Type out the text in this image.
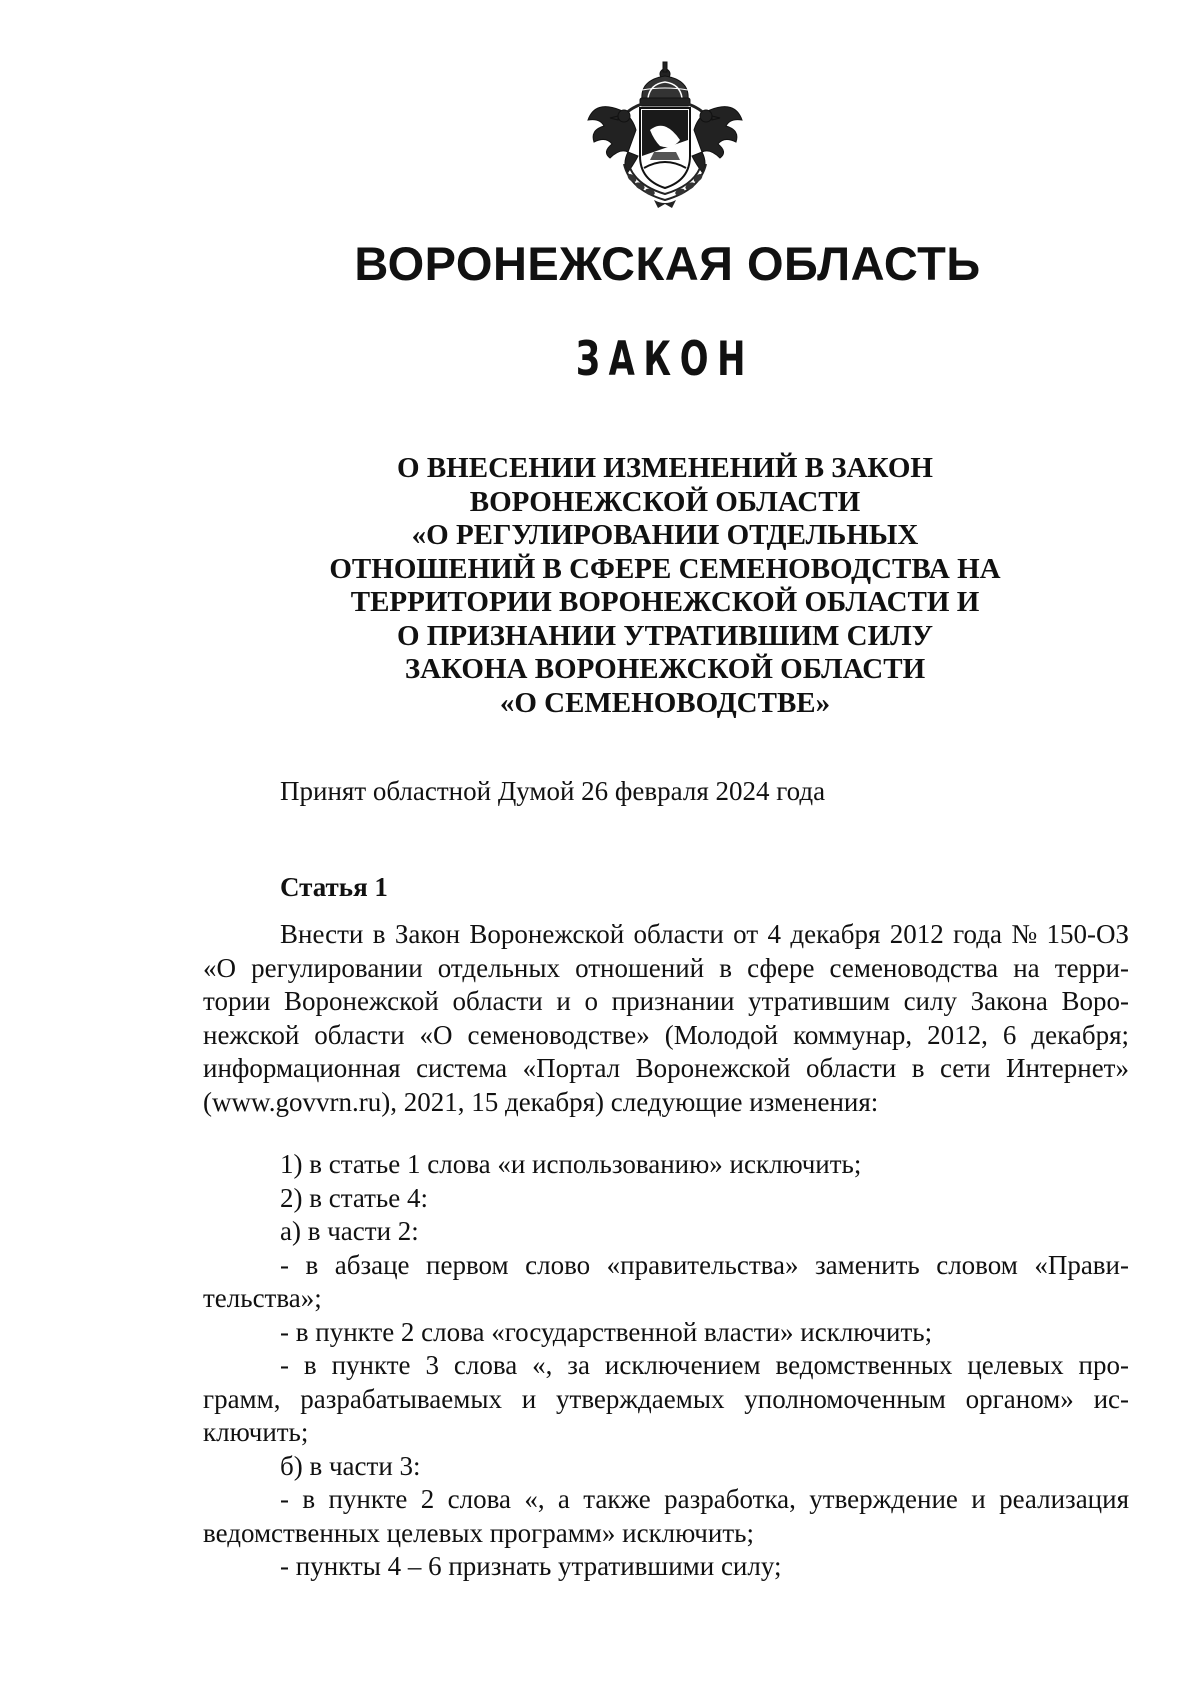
ВОРОНЕЖСКАЯ ОБЛАСТЬ
ЗАКОН
О ВНЕСЕНИИ ИЗМЕНЕНИЙ В ЗАКОН
ВОРОНЕЖСКОЙ ОБЛАСТИ
«О РЕГУЛИРОВАНИИ ОТДЕЛЬНЫХ
ОТНОШЕНИЙ В СФЕРЕ СЕМЕНОВОДСТВА НА
ТЕРРИТОРИИ ВОРОНЕЖСКОЙ ОБЛАСТИ И
О ПРИЗНАНИИ УТРАТИВШИМ СИЛУ
ЗАКОНА ВОРОНЕЖСКОЙ ОБЛАСТИ
«О СЕМЕНОВОДСТВЕ»
Принят областной Думой 26 февраля 2024 года
Статья 1
Внести в Закон Воронежской области от 4 декабря 2012 года № 150-ОЗ
«О регулировании отдельных отношений в сфере семеноводства на терри-
тории Воронежской области и о признании утратившим силу Закона Воро-
нежской области «О семеноводстве» (Молодой коммунар, 2012, 6 декабря;
информационная система «Портал Воронежской области в сети Интернет»
(www.govvrn.ru), 2021, 15 декабря) следующие изменения:
1) в статье 1 слова «и использованию» исключить;
2) в статье 4:
а) в части 2:
- в абзаце первом слово «правительства» заменить словом «Прави-
тельства»;
- в пункте 2 слова «государственной власти» исключить;
- в пункте 3 слова «, за исключением ведомственных целевых про-
грамм, разрабатываемых и утверждаемых уполномоченным органом» ис-
ключить;
б) в части 3:
- в пункте 2 слова «, а также разработка, утверждение и реализация
ведомственных целевых программ» исключить;
- пункты 4 – 6 признать утратившими силу;
